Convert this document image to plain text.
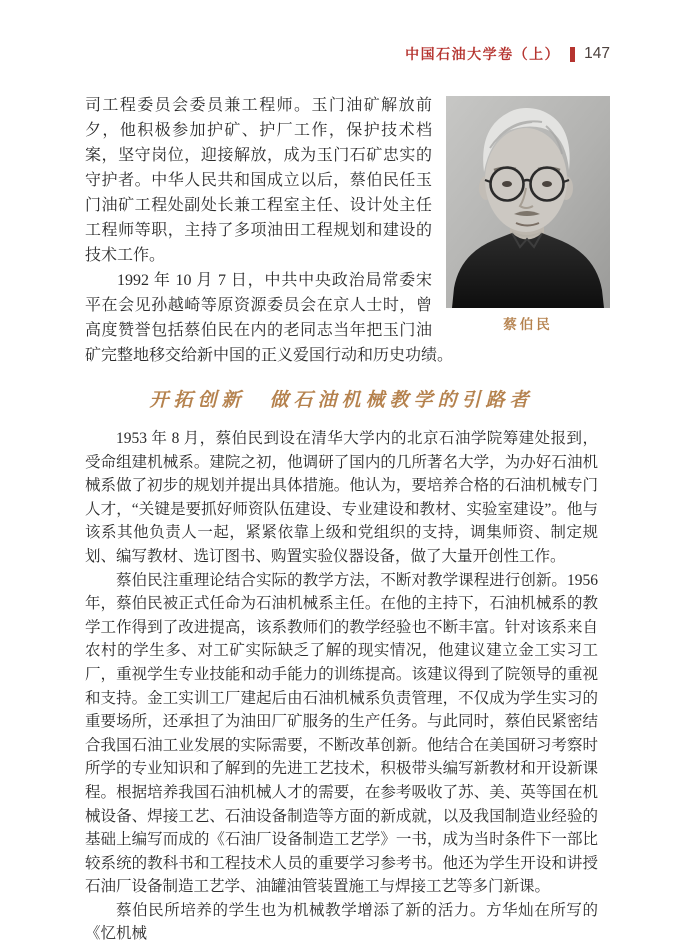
中国石油大学卷（上） 147
蔡伯民

司工程委员会委员兼工程师。玉门油矿解放前夕，他积极参加护矿、护厂工作，保护技术档案，坚守岗位，迎接解放，成为玉门石矿忠实的守护者。中华人民共和国成立以后，蔡伯民任玉门油矿工程处副处长兼工程室主任、设计处主任工程师等职，主持了多项油田工程规划和建设的技术工作。

1992 年 10 月 7 日，中共中央政治局常委宋平在会见孙越崎等原资源委员会在京人士时，曾高度赞誉包括蔡伯民在内的老同志当年把玉门油矿完整地移交给新中国的正义爱国行动和历史功绩。

开拓创新　做石油机械教学的引路者

1953 年 8 月，蔡伯民到设在清华大学内的北京石油学院筹建处报到，受命组建机械系。建院之初，他调研了国内的几所著名大学，为办好石油机械系做了初步的规划并提出具体措施。他认为，要培养合格的石油机械专门人才，“关键是要抓好师资队伍建设、专业建设和教材、实验室建设”。他与该系其他负责人一起，紧紧依靠上级和党组织的支持，调集师资、制定规划、编写教材、选订图书、购置实验仪器设备，做了大量开创性工作。

蔡伯民注重理论结合实际的教学方法，不断对教学课程进行创新。1956 年，蔡伯民被正式任命为石油机械系主任。在他的主持下，石油机械系的教学工作得到了改进提高，该系教师们的教学经验也不断丰富。针对该系来自农村的学生多、对工矿实际缺乏了解的现实情况，他建议建立金工实习工厂，重视学生专业技能和动手能力的训练提高。该建议得到了院领导的重视和支持。金工实训工厂建起后由石油机械系负责管理，不仅成为学生实习的重要场所，还承担了为油田厂矿服务的生产任务。与此同时，蔡伯民紧密结合我国石油工业发展的实际需要，不断改革创新。他结合在美国研习考察时所学的专业知识和了解到的先进工艺技术，积极带头编写新教材和开设新课程。根据培养我国石油机械人才的需要，在参考吸收了苏、美、英等国在机械设备、焊接工艺、石油设备制造等方面的新成就，以及我国制造业经验的基础上编写而成的《石油厂设备制造工艺学》一书，成为当时条件下一部比较系统的教科书和工程技术人员的重要学习参考书。他还为学生开设和讲授石油厂设备制造工艺学、油罐油管装置施工与焊接工艺等多门新课。

蔡伯民所培养的学生也为机械教学增添了新的活力。方华灿在所写的《忆机械
